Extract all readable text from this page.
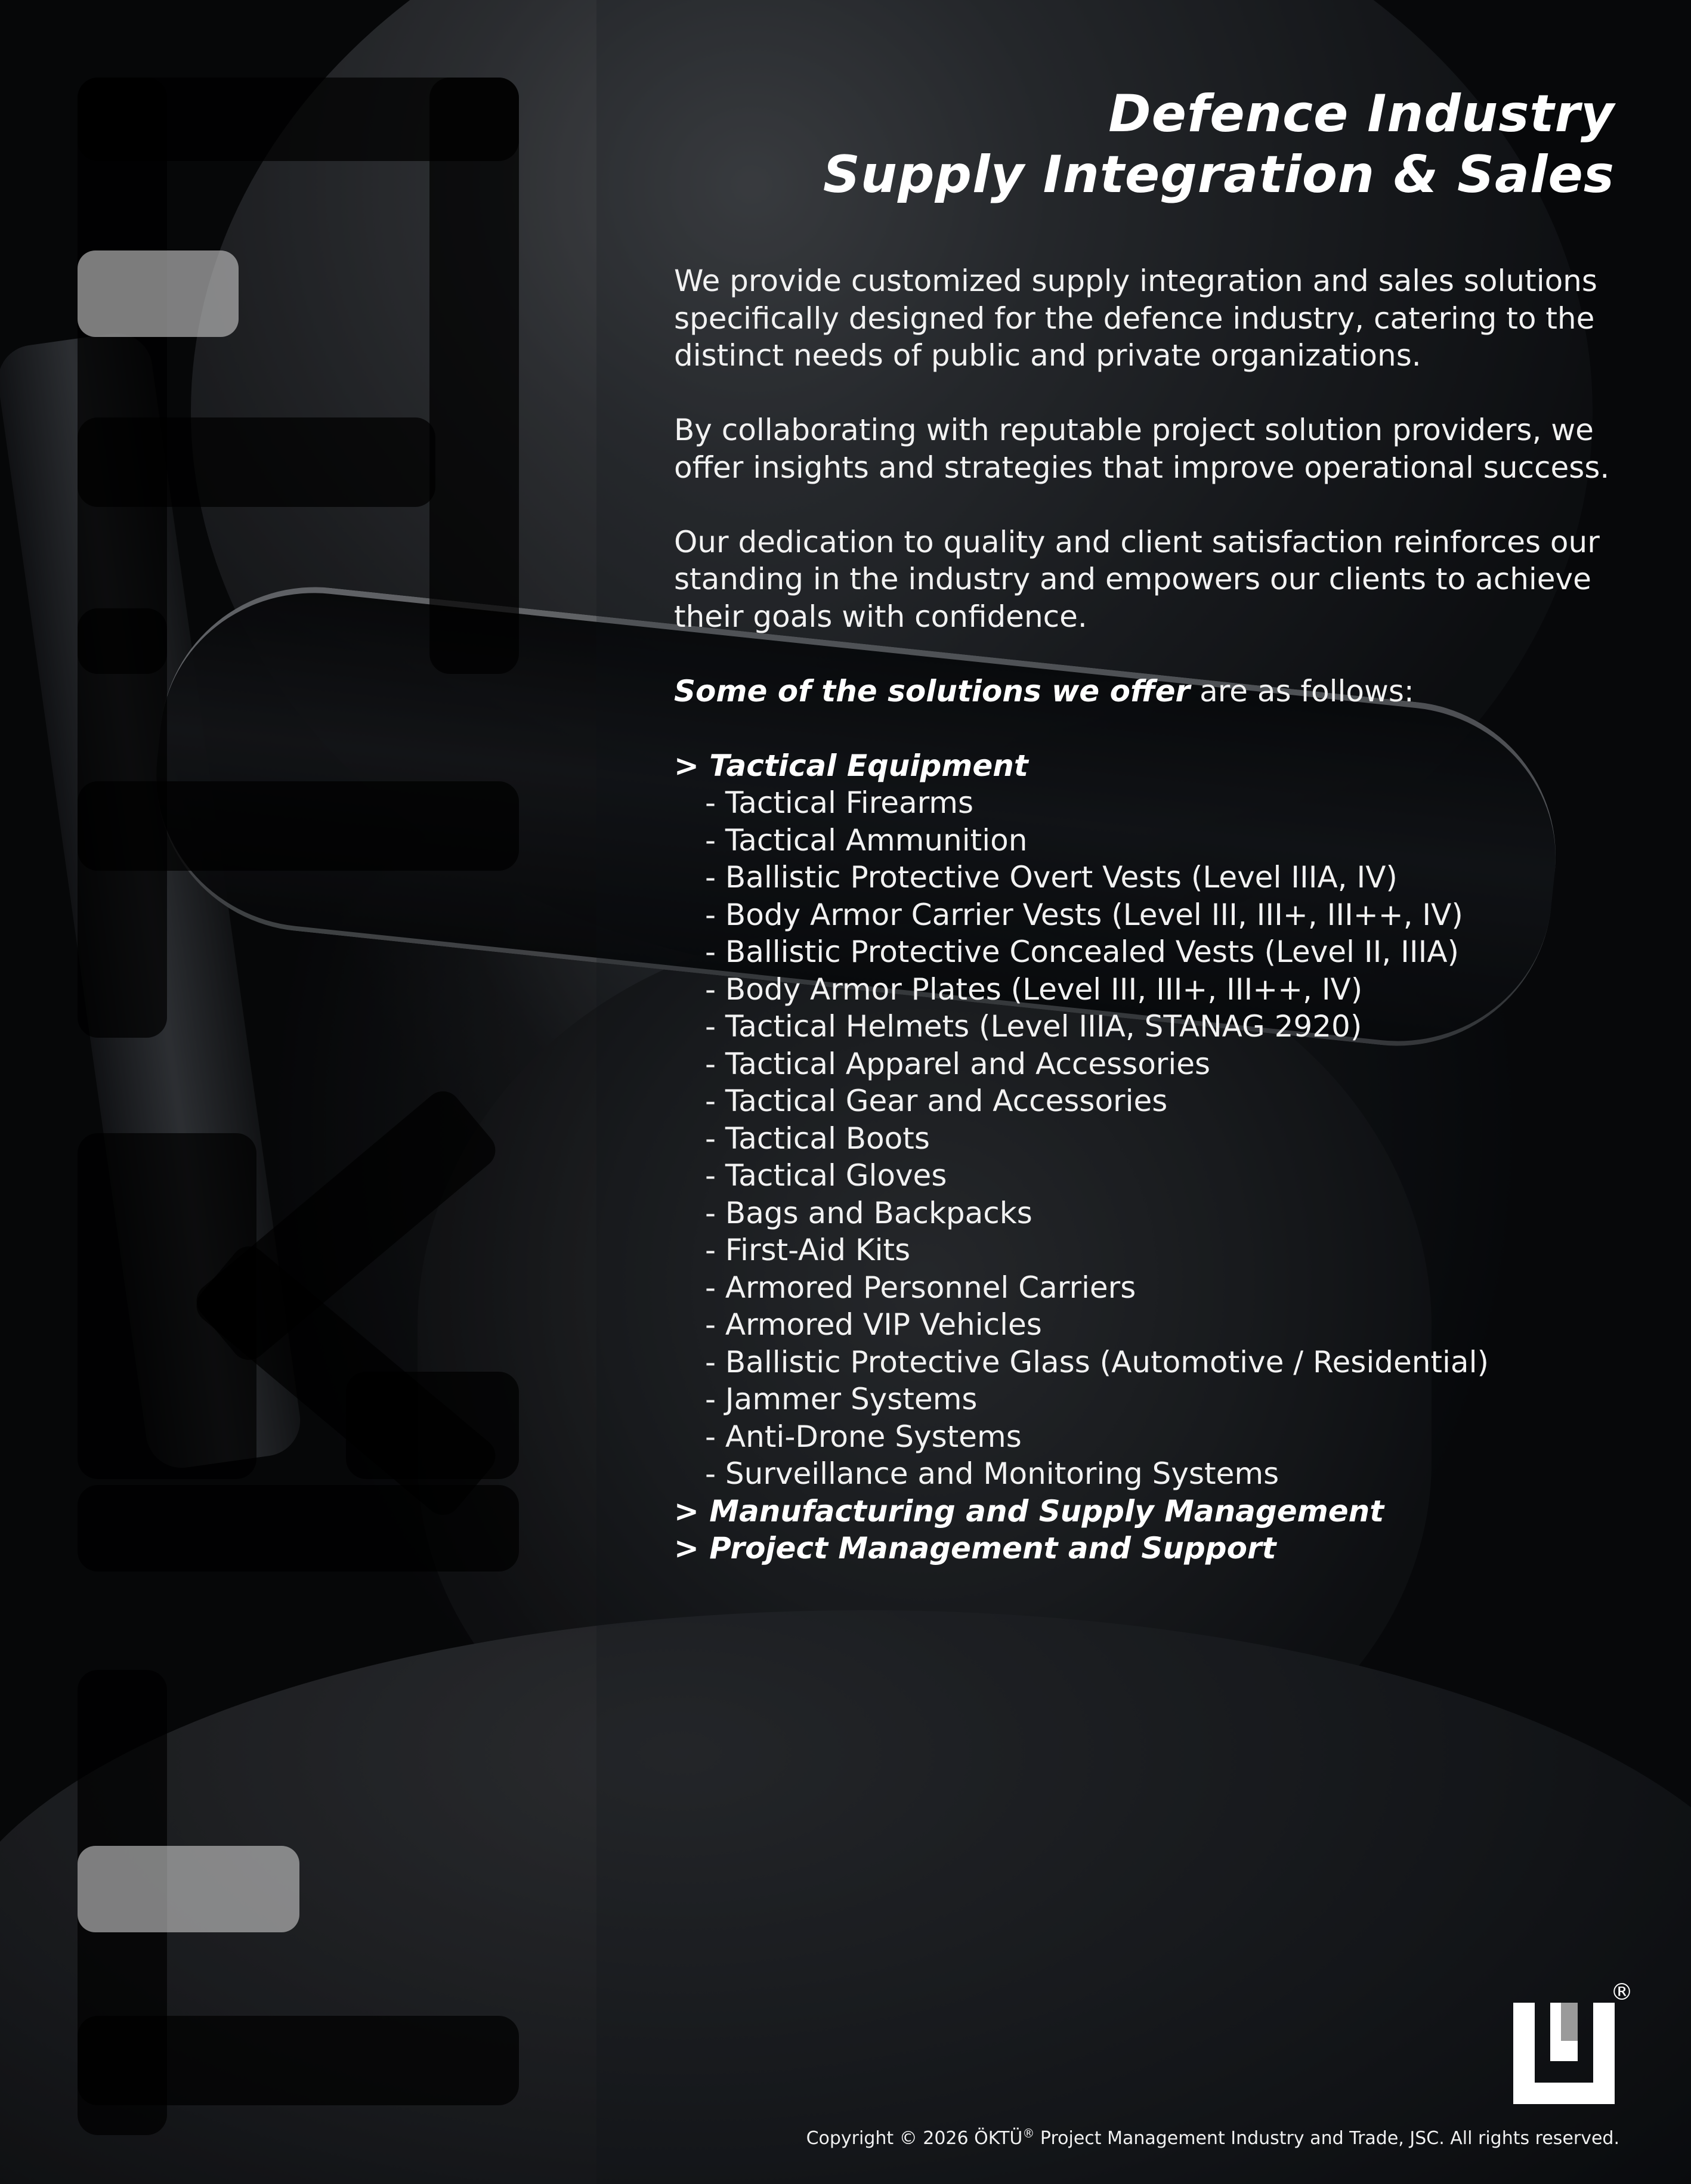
Defence Industry
Supply Integration & Sales

We provide customized supply integration and sales solutions specifically designed for the defence industry, catering to the distinct needs of public and private organizations.

By collaborating with reputable project solution providers, we offer insights and strategies that improve operational success.

Our dedication to quality and client satisfaction reinforces our standing in the industry and empowers our clients to achieve their goals with confidence.

Some of the solutions we offer are as follows:

> Tactical Equipment
- Tactical Firearms
- Tactical Ammunition
- Ballistic Protective Overt Vests (Level IIIA, IV)
- Body Armor Carrier Vests (Level III, III+, III++, IV)
- Ballistic Protective Concealed Vests (Level II, IIIA)
- Body Armor Plates (Level III, III+, III++, IV)
- Tactical Helmets (Level IIIA, STANAG 2920)
- Tactical Apparel and Accessories
- Tactical Gear and Accessories
- Tactical Boots
- Tactical Gloves
- Bags and Backpacks
- First-Aid Kits
- Armored Personnel Carriers
- Armored VIP Vehicles
- Ballistic Protective Glass (Automotive / Residential)
- Jammer Systems
- Anti-Drone Systems
- Surveillance and Monitoring Systems
> Manufacturing and Supply Management
> Project Management and Support
®
Copyright © 2026 ÖKTÜ® Project Management Industry and Trade, JSC. All rights reserved.
